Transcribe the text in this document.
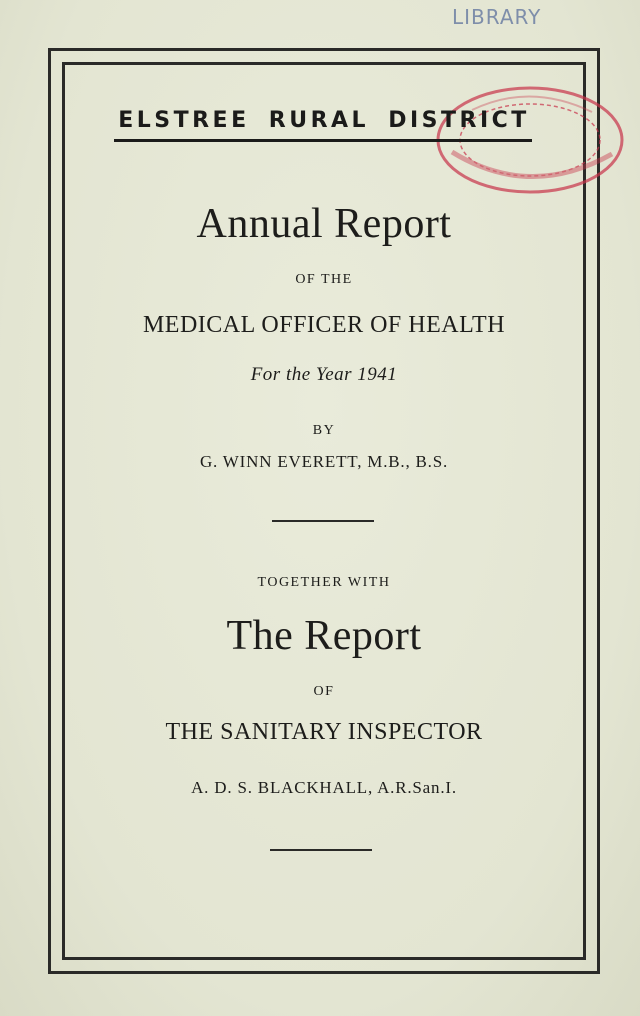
LIBRARY
ELSTREE RURAL DISTRICT
Annual Report
OF THE
MEDICAL OFFICER OF HEALTH
For the Year 1941
BY
G. WINN EVERETT, M.B., B.S.
TOGETHER WITH
The Report
OF
THE SANITARY INSPECTOR
A. D. S. BLACKHALL, A.R.San.I.
